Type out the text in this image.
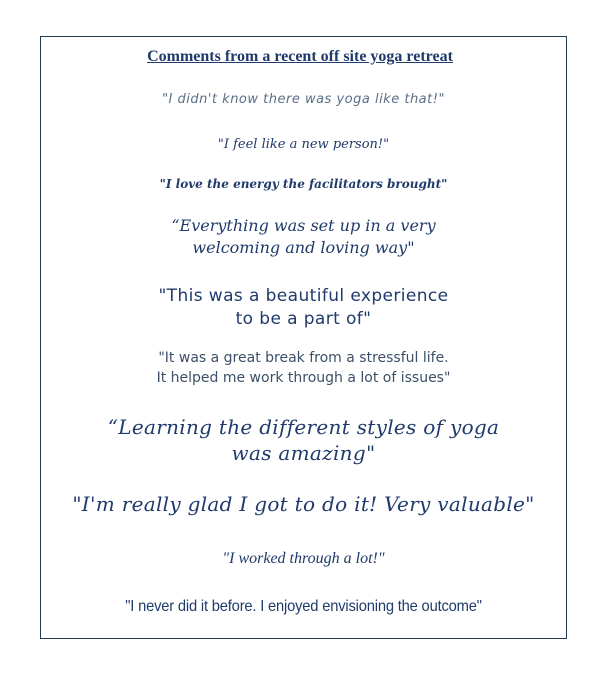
Comments from a recent off site yoga retreat
"I didn't know there was yoga like that!"
"I feel like a new person!"
"I love the energy the facilitators brought"
“Everything was set up in a very
welcoming and loving way"
"This was a beautiful experience
to be a part of"
"It was a great break from a stressful life.
It helped me work through a lot of issues"
“Learning the different styles of yoga
was amazing"
"I'm really glad I got to do it! Very valuable"
"I worked through a lot!"
"I never did it before. I enjoyed envisioning the outcome"
